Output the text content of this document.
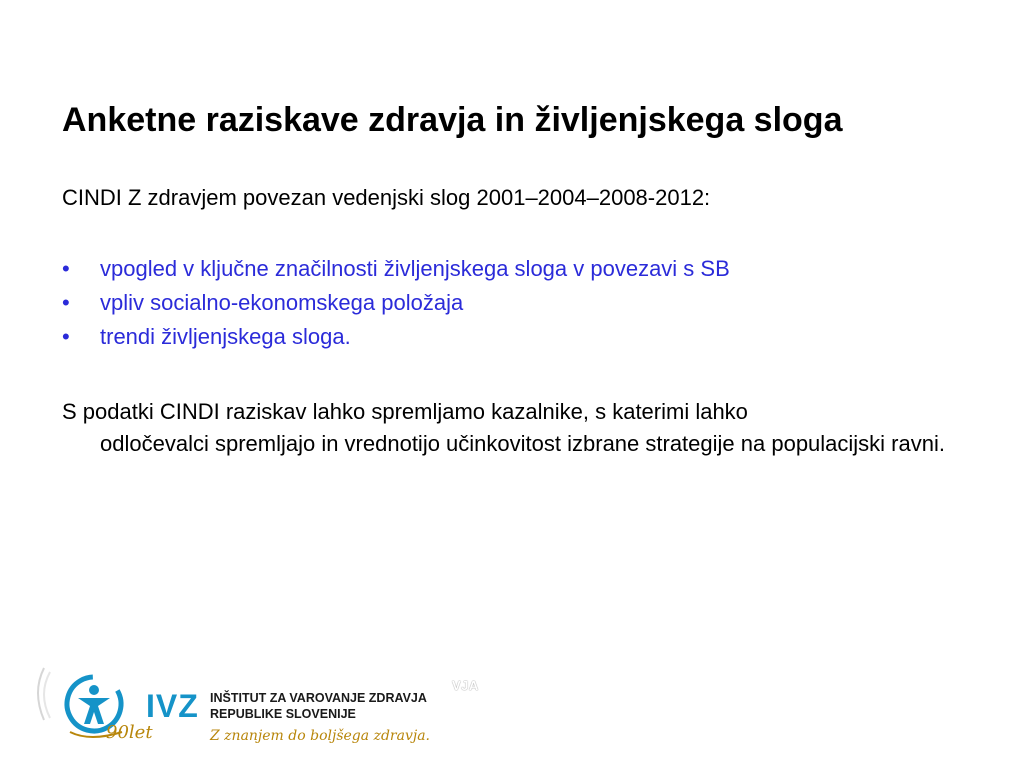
Anketne raziskave zdravja in življenjskega sloga
CINDI Z zdravjem povezan vedenjski slog 2001–2004–2008-2012:
• vpogled v ključne značilnosti življenjskega sloga v povezavi s SB
• vpliv socialno-ekonomskega položaja
• trendi življenjskega sloga.
S podatki CINDI raziskav lahko spremljamo kazalnike, s katerimi lahko
odločevalci spremljajo in vrednotijo učinkovitost izbrane strategije na populacijski ravni.
IVZ
90let
INŠTITUT ZA VAROVANJE ZDRAVJA
REPUBLIKE SLOVENIJE
Z znanjem do boljšega zdravja.
VJA
